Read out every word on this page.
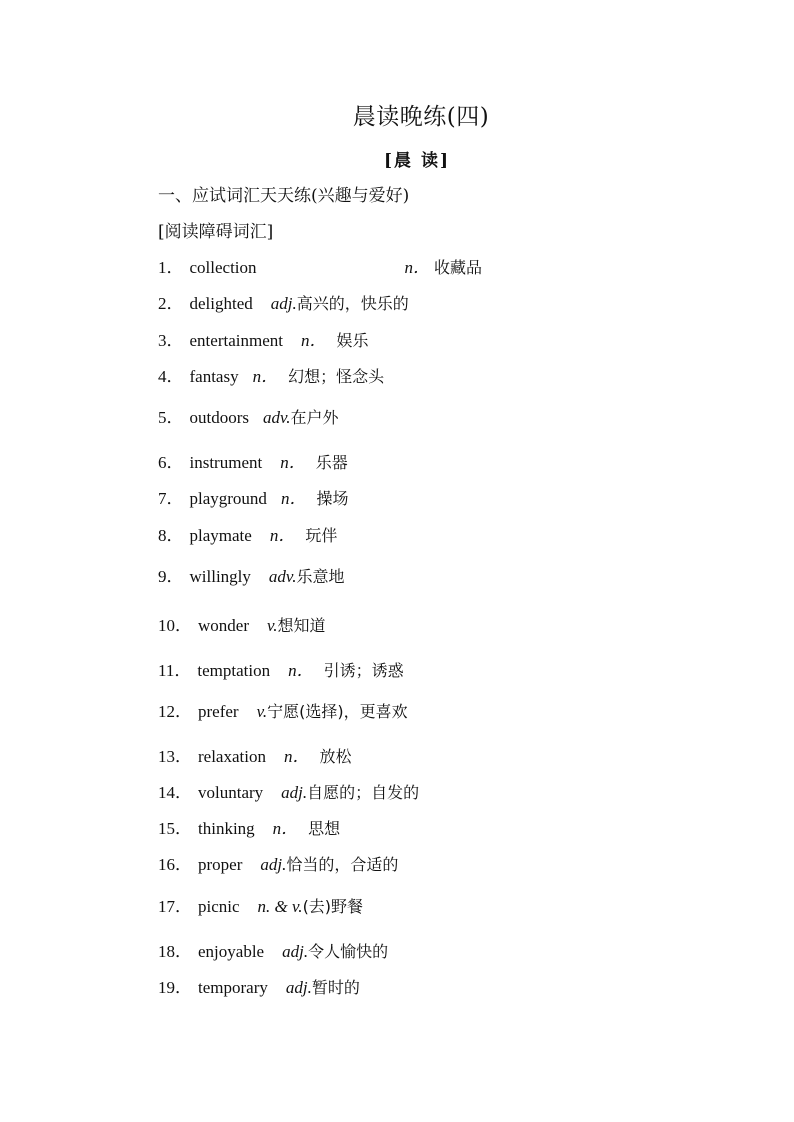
晨读晚练(四)
[晨 读]
一、应试词汇天天练(兴趣与爱好)
[阅读障碍词汇]
1． collection	n． 收藏品
2． delighted adj.高兴的，快乐的
3． entertainment n． 娱乐
4． fantasy n． 幻想；怪念头
5． outdoors adv.在户外
6． instrument n． 乐器
7． playground n． 操场
8． playmate n． 玩伴
9． willingly adv.乐意地
10． wonder v.想知道
11． temptation n． 引诱；诱惑
12． prefer v.宁愿(选择)，更喜欢
13． relaxation n． 放松
14． voluntary adj.自愿的；自发的
15． thinking n． 思想
16． proper adj.恰当的，合适的
17． picnic n. & v.(去)野餐
18． enjoyable adj.令人愉快的
19． temporary adj.暂时的
